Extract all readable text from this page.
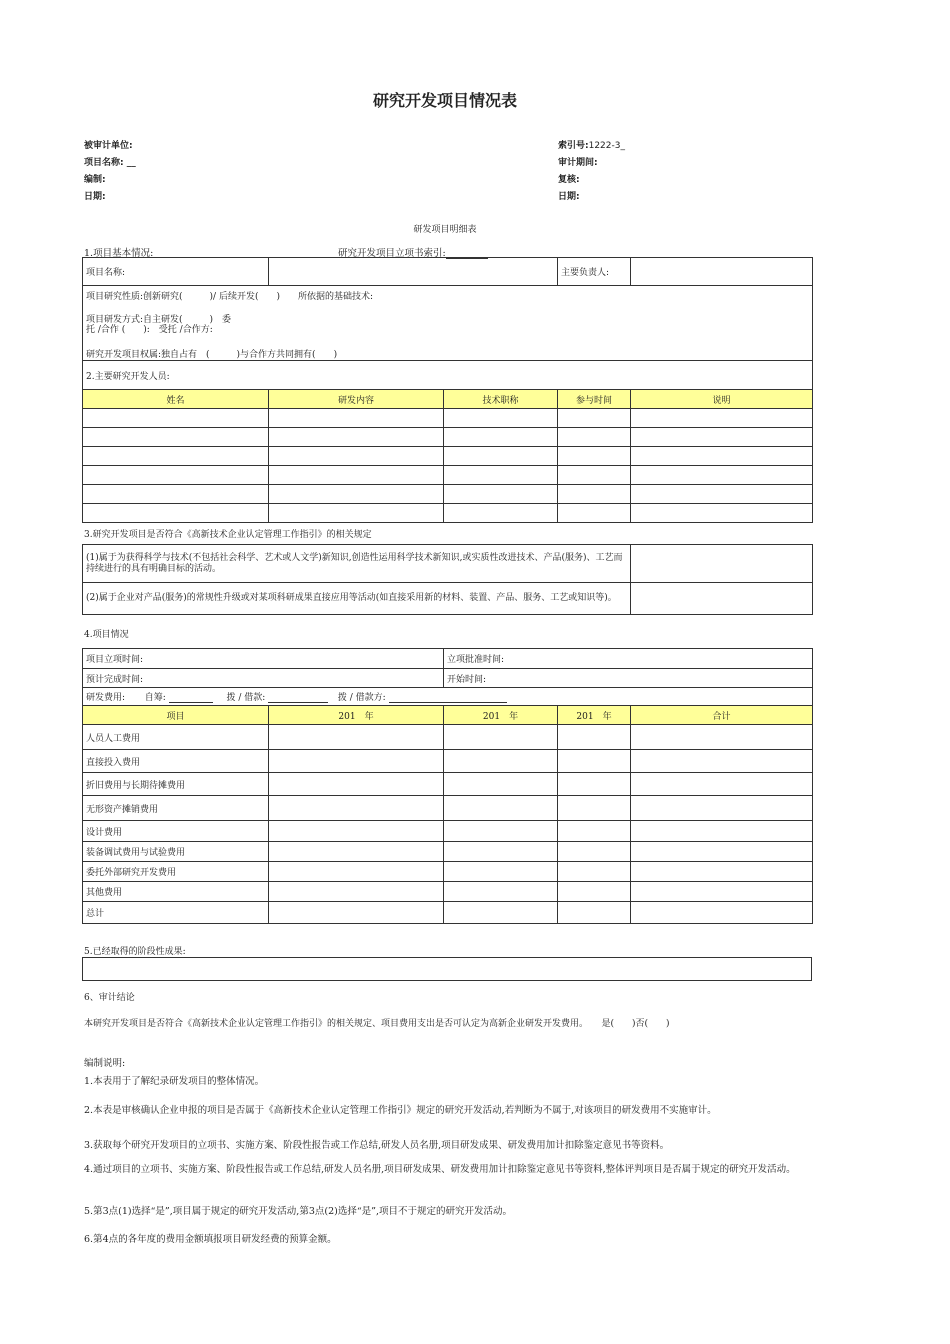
研究开发项目情况表
被审计单位:
项目名称: __
编制:
日期:
索引号:1222-3_
审计期间:
复核:
日期:
研发项目明细表
1.项目基本情况:	研究开发项目立项书索引:
项目名称:			主要负责人:	

项目研究性质:创新研究(　　　)/ 后续开发(　　)　　所依据的基础技术:
项目研发方式:自主研发(　　　)　委
托 /合作 (　　):　受托 /合作方:
研究开发项目权属:独自占有　(　　　)与合作方共同拥有(　　)				

2.主要研究开发人员:				
姓名	研发内容	技术职称	参与时间	说明

3.研究开发项目是否符合《高新技术企业认定管理工作指引》的相关规定
(1)属于为获得科学与技术(不包括社会科学、艺术或人文学)新知识,创造性运用科学技术新知识,或实质性改进技术、产品(服务)、工艺而持续进行的具有明确目标的活动。	
(2)属于企业对产品(服务)的常规性升级或对某项科研成果直接应用等活动(如直接采用新的材料、装置、产品、服务、工艺或知识等)。	
4.项目情况
项目立项时间:		立项批准时间:		
预计完成时间:		开始时间:		
研发费用: 自筹: 拨 / 借款: 拨 / 借款方:				
项目	201　年	201　年	201　年	合计
人员人工费用				
直接投入费用				
折旧费用与长期待摊费用				
无形资产摊销费用				
设计费用				
装备调试费用与试验费用				
委托外部研究开发费用				
其他费用				
总计				
5.已经取得的阶段性成果:
6、审计结论
本研究开发项目是否符合《高新技术企业认定管理工作指引》的相关规定、项目费用支出是否可认定为高新企业研发开发费用。　　是(　　)否(　　)
编制说明:
1.本表用于了解纪录研发项目的整体情况。
2.本表是审核确认企业申报的项目是否属于《高新技术企业认定管理工作指引》规定的研究开发活动,若判断为不属于,对该项目的研发费用不实施审计。
3.获取每个研究开发项目的立项书、实施方案、阶段性报告或工作总结,研发人员名册,项目研发成果、研发费用加计扣除鉴定意见书等资料。
4.通过项目的立项书、实施方案、阶段性报告或工作总结,研发人员名册,项目研发成果、研发费用加计扣除鉴定意见书等资料,整体评判项目是否属于规定的研究开发活动。
5.第3点(1)选择“是”,项目属于规定的研究开发活动,第3点(2)选择“是”,项目不于规定的研究开发活动。
6.第4点的各年度的费用金额填报项目研发经费的预算金额。
